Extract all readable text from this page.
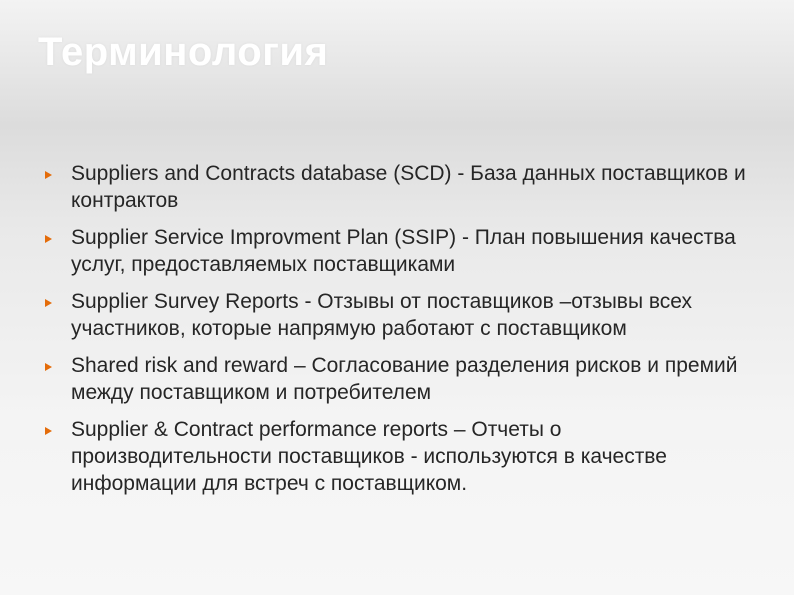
Терминология
Suppliers and Contracts database (SCD) - База данных поставщиков и контрактов
Supplier Service Improvment Plan (SSIP) - План повышения качества услуг, предоставляемых поставщиками
Supplier Survey Reports - Отзывы от поставщиков –отзывы всех участников, которые напрямую работают с поставщиком
Shared risk and reward – Согласование разделения рисков и премий между поставщиком и потребителем
Supplier & Contract performance reports – Отчеты о производительности поставщиков - используются в качестве информации для встреч с поставщиком.
